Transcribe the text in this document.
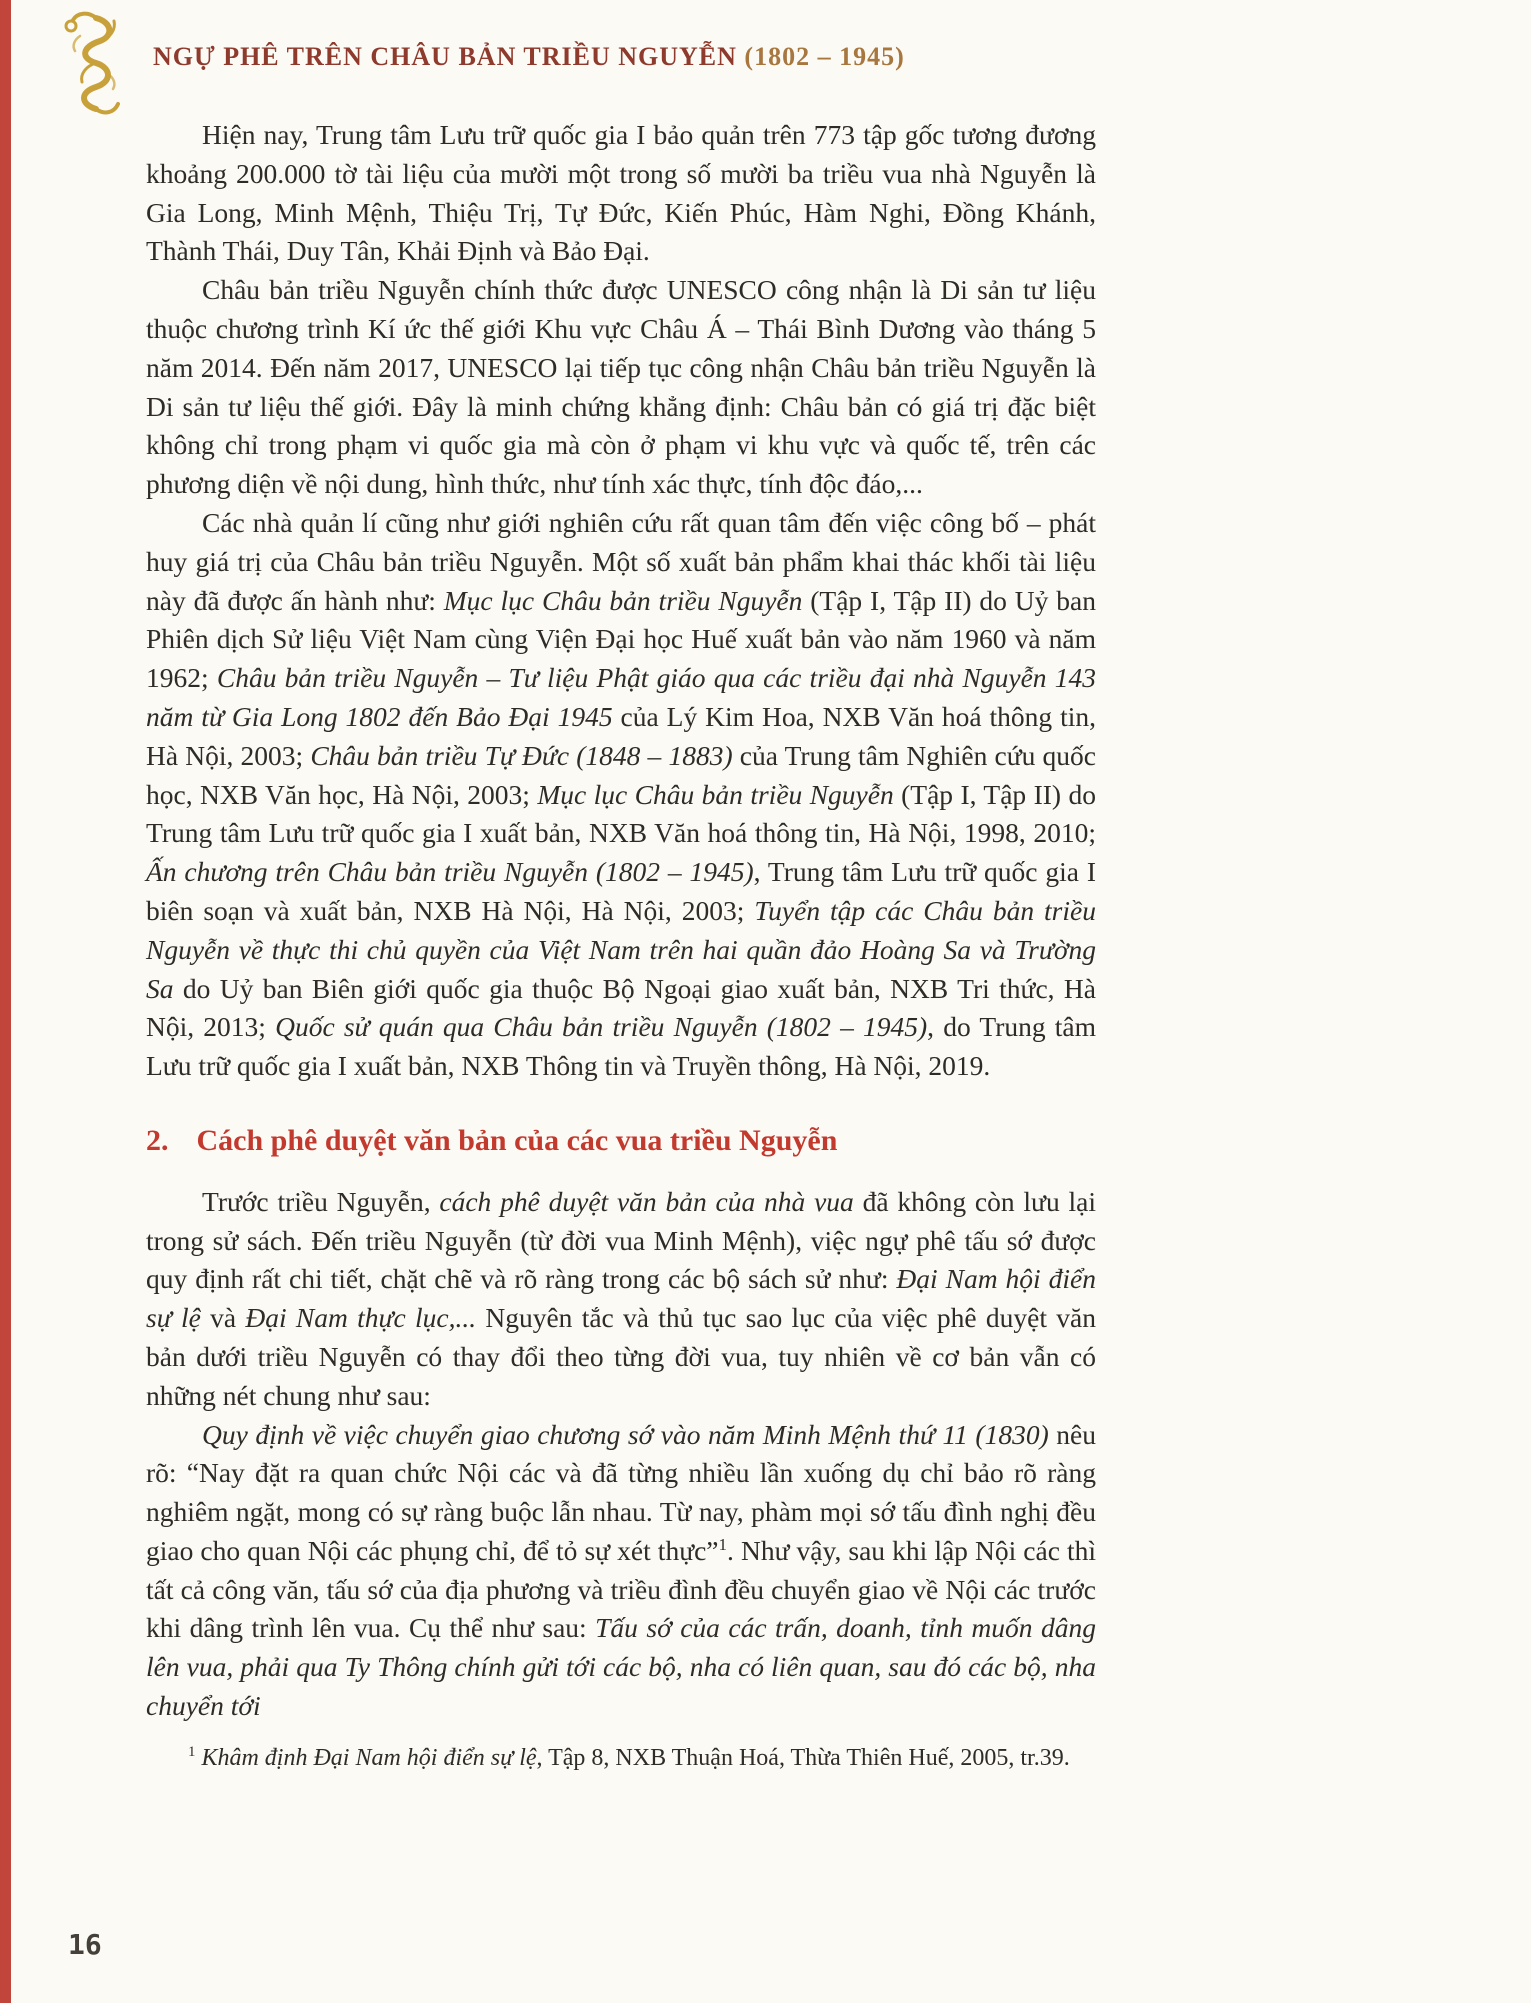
NGỰ PHÊ TRÊN CHÂU BẢN TRIỀU NGUYỄN (1802 – 1945)

Hiện nay, Trung tâm Lưu trữ quốc gia I bảo quản trên 773 tập gốc tương đương khoảng 200.000 tờ tài liệu của mười một trong số mười ba triều vua nhà Nguyễn là Gia Long, Minh Mệnh, Thiệu Trị, Tự Đức, Kiến Phúc, Hàm Nghi, Đồng Khánh, Thành Thái, Duy Tân, Khải Định và Bảo Đại.

Châu bản triều Nguyễn chính thức được UNESCO công nhận là Di sản tư liệu thuộc chương trình Kí ức thế giới Khu vực Châu Á – Thái Bình Dương vào tháng 5 năm 2014. Đến năm 2017, UNESCO lại tiếp tục công nhận Châu bản triều Nguyễn là Di sản tư liệu thế giới. Đây là minh chứng khẳng định: Châu bản có giá trị đặc biệt không chỉ trong phạm vi quốc gia mà còn ở phạm vi khu vực và quốc tế, trên các phương diện về nội dung, hình thức, như tính xác thực, tính độc đáo,...

Các nhà quản lí cũng như giới nghiên cứu rất quan tâm đến việc công bố – phát huy giá trị của Châu bản triều Nguyễn. Một số xuất bản phẩm khai thác khối tài liệu này đã được ấn hành như: Mục lục Châu bản triều Nguyễn (Tập I, Tập II) do Uỷ ban Phiên dịch Sử liệu Việt Nam cùng Viện Đại học Huế xuất bản vào năm 1960 và năm 1962; Châu bản triều Nguyễn – Tư liệu Phật giáo qua các triều đại nhà Nguyễn 143 năm từ Gia Long 1802 đến Bảo Đại 1945 của Lý Kim Hoa, NXB Văn hoá thông tin, Hà Nội, 2003; Châu bản triều Tự Đức (1848 – 1883) của Trung tâm Nghiên cứu quốc học, NXB Văn học, Hà Nội, 2003; Mục lục Châu bản triều Nguyễn (Tập I, Tập II) do Trung tâm Lưu trữ quốc gia I xuất bản, NXB Văn hoá thông tin, Hà Nội, 1998, 2010; Ấn chương trên Châu bản triều Nguyễn (1802 – 1945), Trung tâm Lưu trữ quốc gia I biên soạn và xuất bản, NXB Hà Nội, Hà Nội, 2003; Tuyển tập các Châu bản triều Nguyễn về thực thi chủ quyền của Việt Nam trên hai quần đảo Hoàng Sa và Trường Sa do Uỷ ban Biên giới quốc gia thuộc Bộ Ngoại giao xuất bản, NXB Tri thức, Hà Nội, 2013; Quốc sử quán qua Châu bản triều Nguyễn (1802 – 1945), do Trung tâm Lưu trữ quốc gia I xuất bản, NXB Thông tin và Truyền thông, Hà Nội, 2019.

2. Cách phê duyệt văn bản của các vua triều Nguyễn

Trước triều Nguyễn, cách phê duyệt văn bản của nhà vua đã không còn lưu lại trong sử sách. Đến triều Nguyễn (từ đời vua Minh Mệnh), việc ngự phê tấu sớ được quy định rất chi tiết, chặt chẽ và rõ ràng trong các bộ sách sử như: Đại Nam hội điển sự lệ và Đại Nam thực lục,... Nguyên tắc và thủ tục sao lục của việc phê duyệt văn bản dưới triều Nguyễn có thay đổi theo từng đời vua, tuy nhiên về cơ bản vẫn có những nét chung như sau:

Quy định về việc chuyển giao chương sớ vào năm Minh Mệnh thứ 11 (1830) nêu rõ: “Nay đặt ra quan chức Nội các và đã từng nhiều lần xuống dụ chỉ bảo rõ ràng nghiêm ngặt, mong có sự ràng buộc lẫn nhau. Từ nay, phàm mọi sớ tấu đình nghị đều giao cho quan Nội các phụng chỉ, để tỏ sự xét thực”$^1$. Như vậy, sau khi lập Nội các thì tất cả công văn, tấu sớ của địa phương và triều đình đều chuyển giao về Nội các trước khi dâng trình lên vua. Cụ thể như sau: Tấu sớ của các trấn, doanh, tỉnh muốn dâng lên vua, phải qua Ty Thông chính gửi tới các bộ, nha có liên quan, sau đó các bộ, nha chuyển tới

$^1$ Khâm định Đại Nam hội điển sự lệ, Tập 8, NXB Thuận Hoá, Thừa Thiên Huế, 2005, tr.39.

16
